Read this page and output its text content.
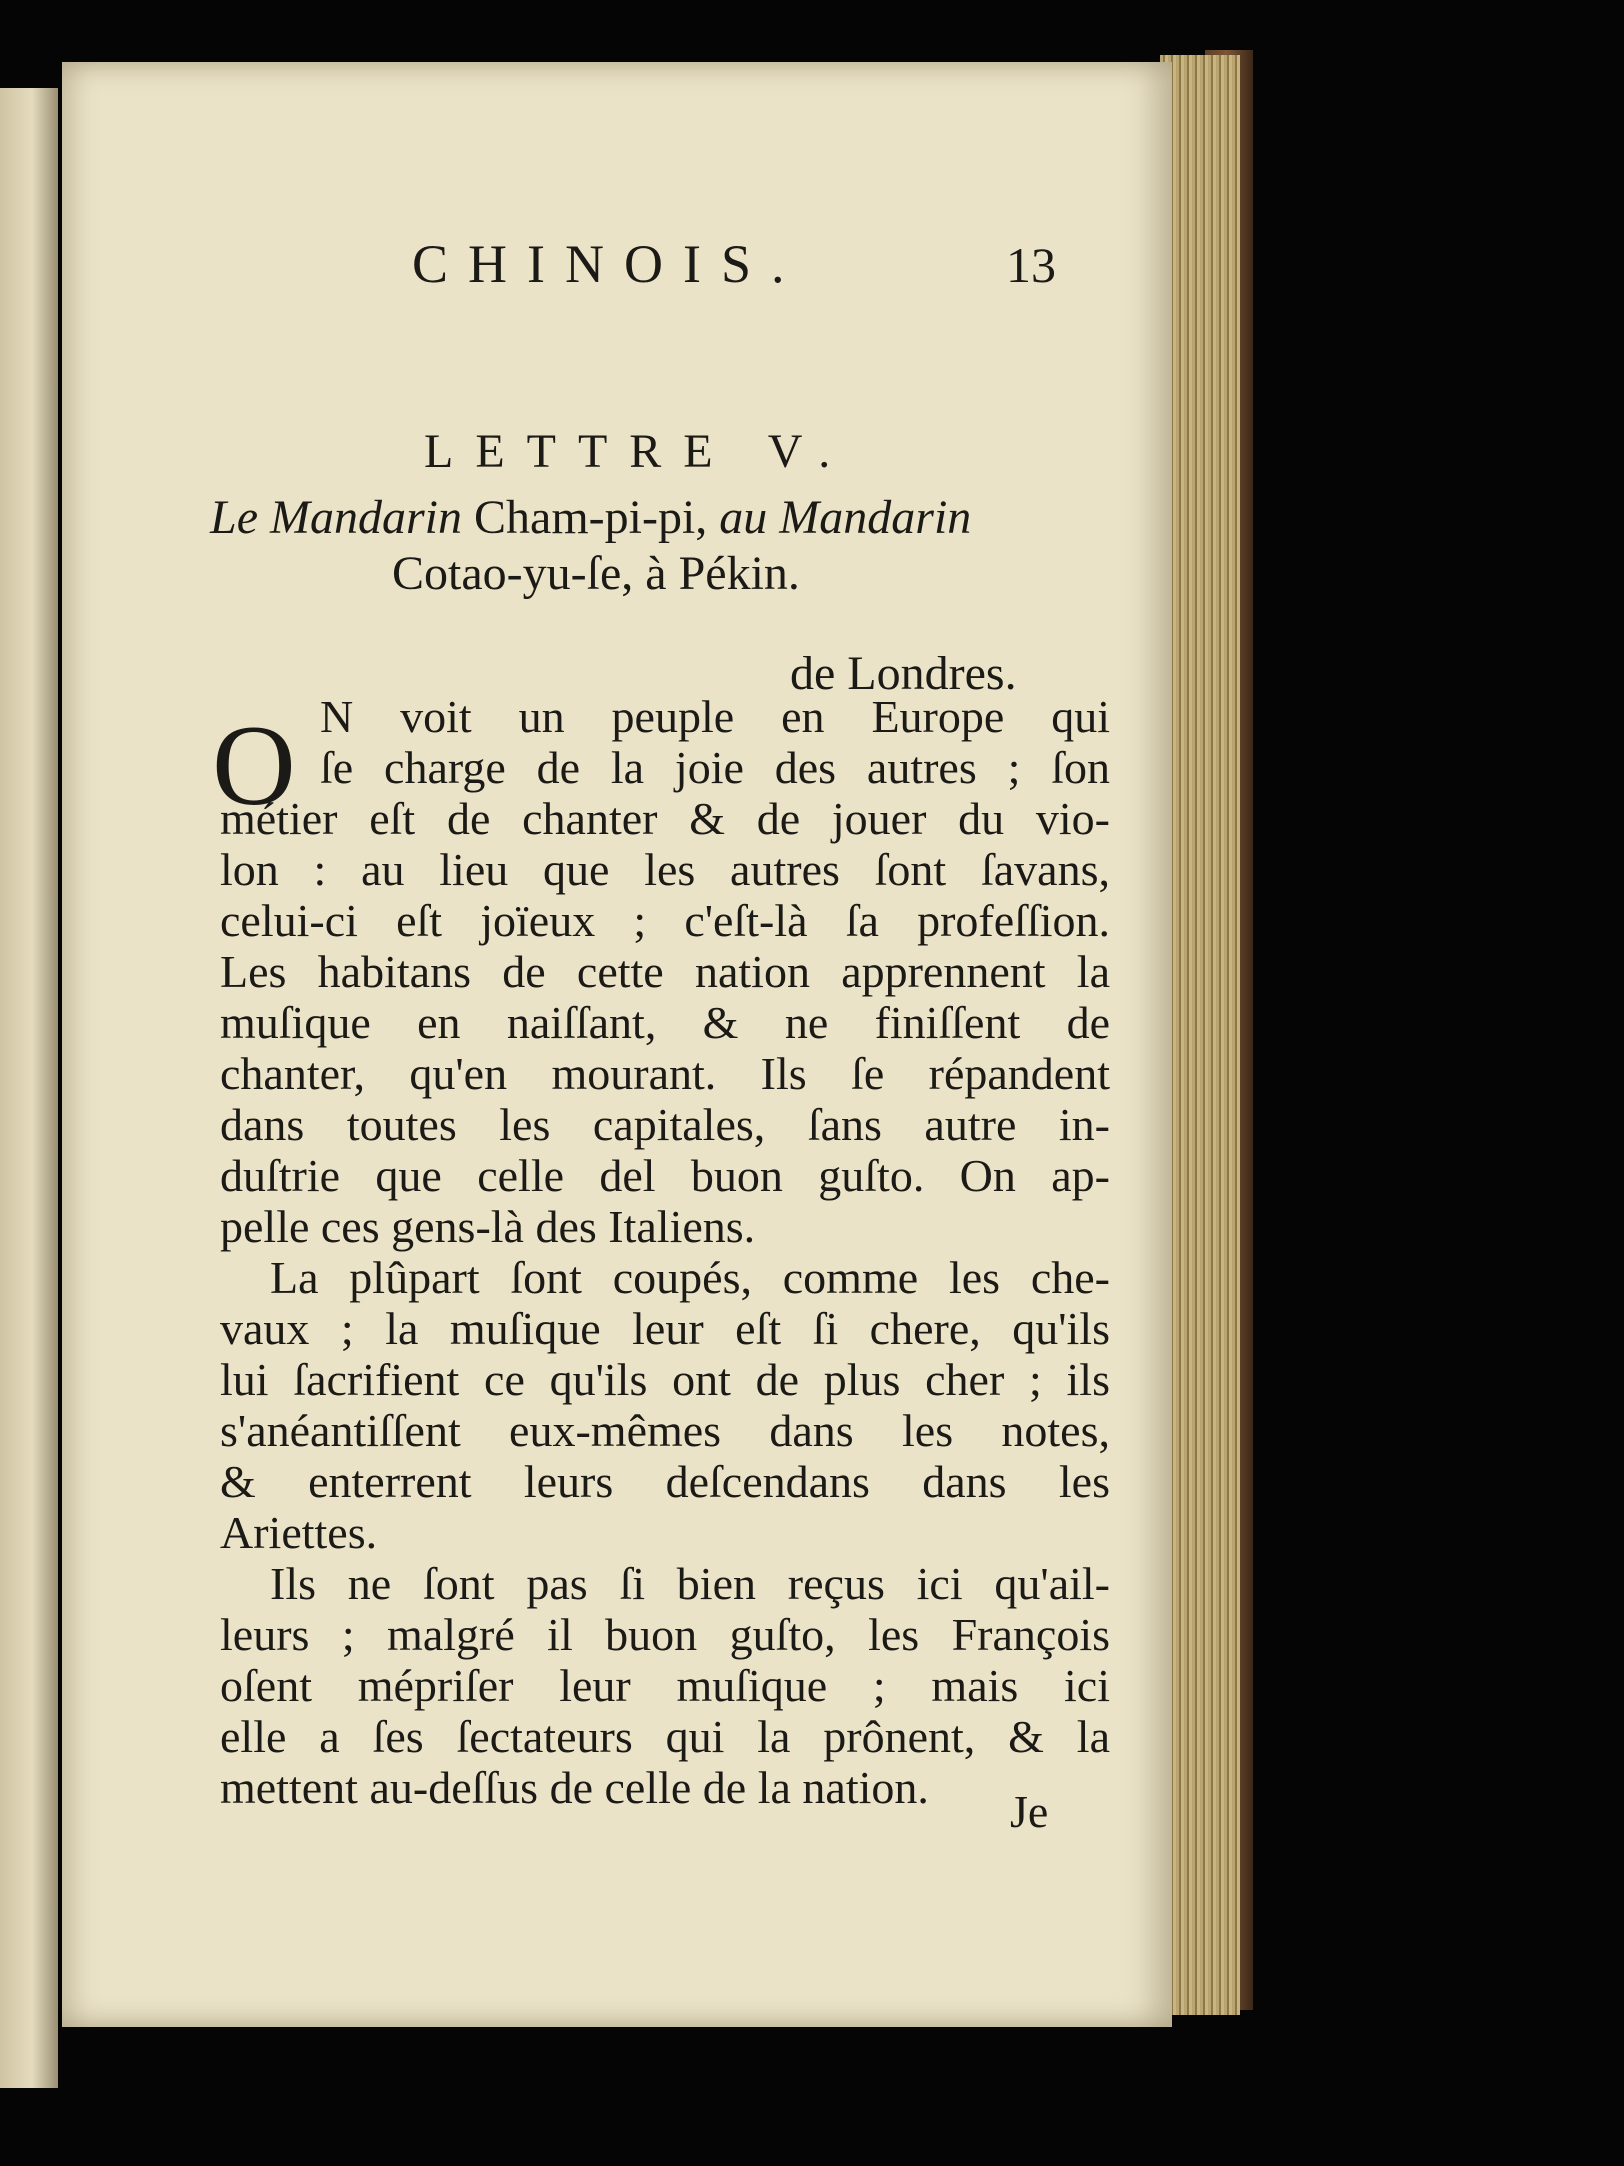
CHINOIS.	13
LETTRE V.
Le Mandarin Cham-pi-pi, au Mandarin
Cotao-yu-ſe, à Pékin.
de Londres.
O N voit un peuple en Europe qui
ſe charge de la joie des autres ; ſon
métier eſt de chanter & de jouer du vio-
lon : au lieu que les autres ſont ſavans,
celui-ci eſt joïeux ; c'eſt-là ſa profeſſion.
Les habitans de cette nation apprennent la
muſique en naiſſant, & ne finiſſent de
chanter, qu'en mourant. Ils ſe répandent
dans toutes les capitales, ſans autre in-
duſtrie que celle del buon guſto. On ap-
pelle ces gens-là des Italiens.
La plûpart ſont coupés, comme les che-
vaux ; la muſique leur eſt ſi chere, qu'ils
lui ſacrifient ce qu'ils ont de plus cher ; ils
s'anéantiſſent eux-mêmes dans les notes,
& enterrent leurs deſcendans dans les
Ariettes.
Ils ne ſont pas ſi bien reçus ici qu'ail-
leurs ; malgré il buon guſto, les François
oſent mépriſer leur muſique ; mais ici
elle a ſes ſectateurs qui la prônent, & la
mettent au-deſſus de celle de la nation. Je
